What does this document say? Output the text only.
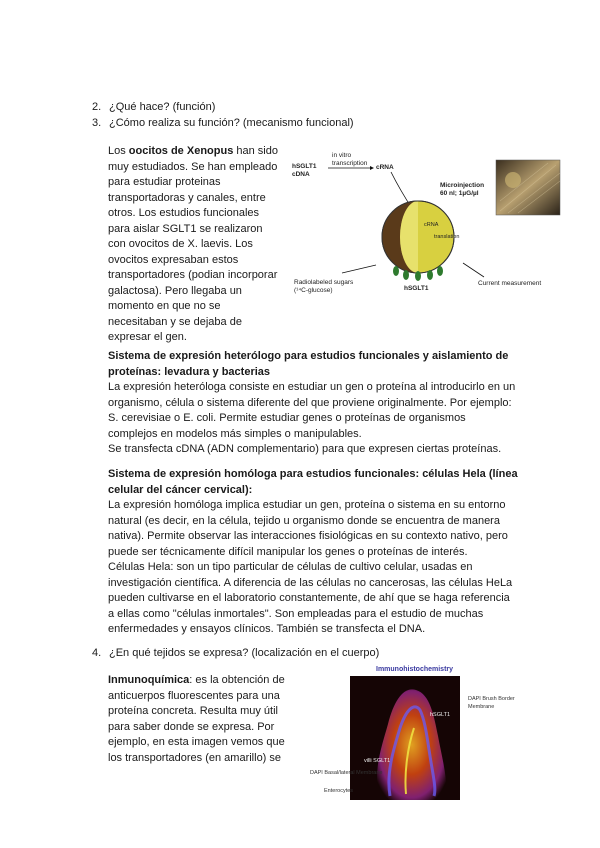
2. ¿Qué hace? (función)
3. ¿Cómo realiza su función? (mecanismo funcional)
Los oocitos de Xenopus han sido muy estudiados. Se han empleado para estudiar proteinas transportadoras y canales, entre otros. Los estudios funcionales para aislar SGLT1 se realizaron con ovocitos de X. laevis. Los ovocitos expresaban estos transportadores (podian incorporar galactosa). Pero llegaba un momento en que no se necesitaban y se dejaba de expresar el gen.
hSGLT1
cDNA
in vitro
transcription
cRNA
Microinjection
60 nl; 1µG/µl
cRNA
translation
Radiolabeled sugars
(¹⁴C-glucose)	hSGLT1
Current measurement
Sistema de expresión heterólogo para estudios funcionales y aislamiento de proteínas: levadura y bacterias
La expresión heteróloga consiste en estudiar un gen o proteína al introducirlo en un organismo, célula o sistema diferente del que proviene originalmente. Por ejemplo: S. cerevisiae o E. coli. Permite estudiar genes o proteínas de organismos complejos en modelos más simples o manipulables.
Se transfecta cDNA (ADN complementario) para que expresen ciertas proteínas.
Sistema de expresión homóloga para estudios funcionales: células Hela (línea celular del cáncer cervical):
La expresión homóloga implica estudiar un gen, proteína o sistema en su entorno natural (es decir, en la célula, tejido u organismo donde se encuentra de manera nativa). Permite observar las interacciones fisiológicas en su contexto nativo, pero puede ser técnicamente difícil manipular los genes o proteínas de interés.
Células Hela: son un tipo particular de células de cultivo celular, usadas en investigación científica. A diferencia de las células no cancerosas, las células HeLa pueden cultivarse en el laboratorio constantemente, de ahí que se haga referencia a ellas como "células inmortales". Son empleadas para el estudio de muchas enfermedades y ensayos clínicos. También se transfecta el DNA.
4. ¿En qué tejidos se expresa? (localización en el cuerpo)
Inmunoquímica: es la obtención de anticuerpos fluorescentes para una proteína concreta. Resulta muy útil para saber donde se expresa. Por ejemplo, en esta imagen vemos que los transportadores (en amarillo) se
Immunohistochemistry
DAPI Brush Border Membrane
hSGLT1
villi SGLT1
DAPI Basal/lateral Membrane
Enterocytes
